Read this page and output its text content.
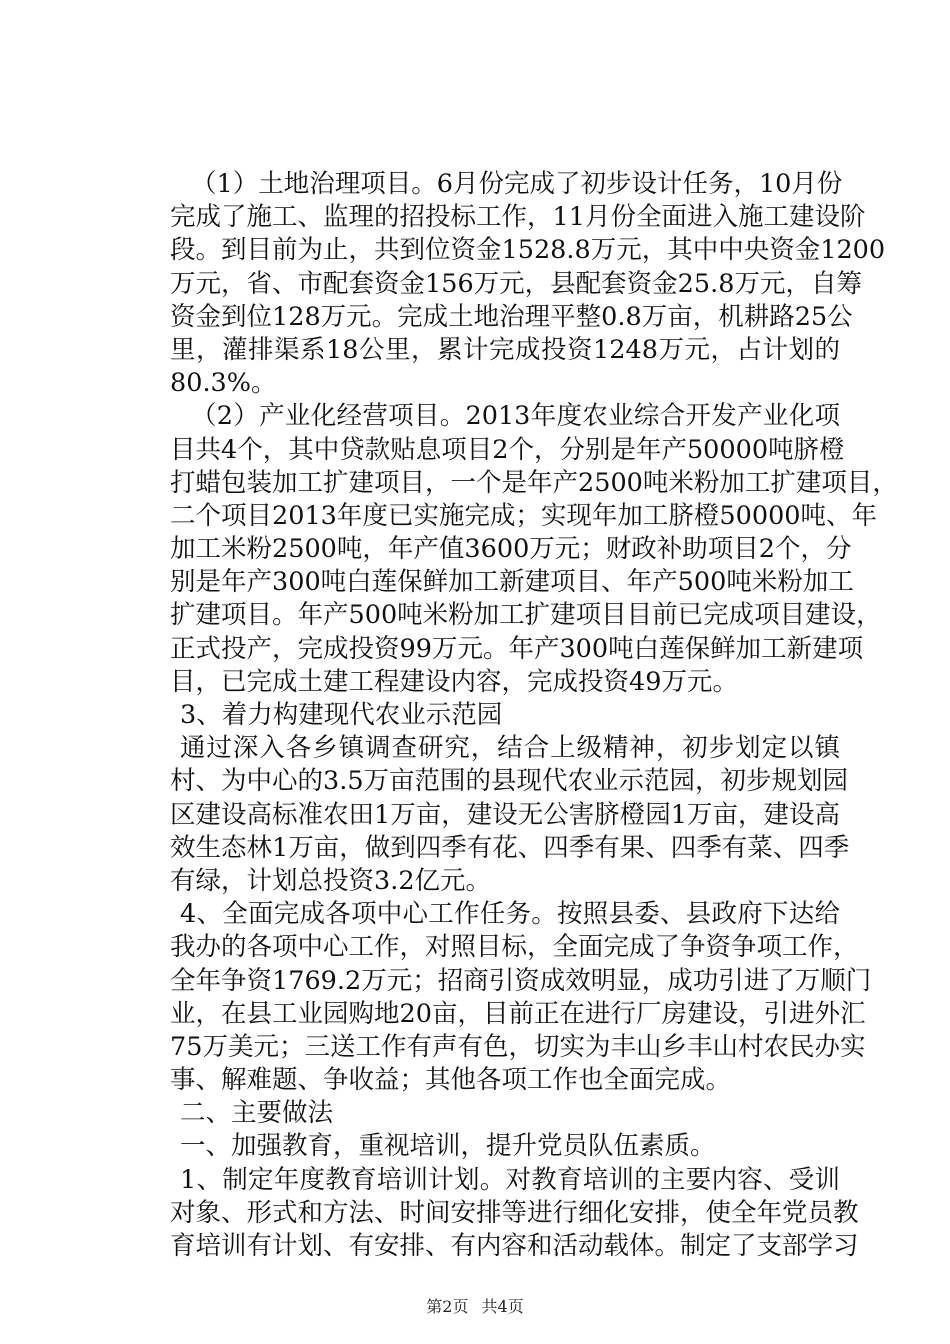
（1）土地治理项目。6月份完成了初步设计任务，10月份
完成了施工、监理的招投标工作，11月份全面进入施工建设阶
段。到目前为止，共到位资金1528.8万元，其中中央资金1200
万元，省、市配套资金156万元，县配套资金25.8万元，自筹
资金到位128万元。完成土地治理平整0.8万亩，机耕路25公
里，灌排渠系18公里，累计完成投资1248万元，占计划的
80.3%。
（2）产业化经营项目。2013年度农业综合开发产业化项
目共4个，其中贷款贴息项目2个，分别是年产50000吨脐橙
打蜡包装加工扩建项目，一个是年产2500吨米粉加工扩建项目，
二个项目2013年度已实施完成；实现年加工脐橙50000吨、年
加工米粉2500吨，年产值3600万元；财政补助项目2个，分
别是年产300吨白莲保鲜加工新建项目、年产500吨米粉加工
扩建项目。年产500吨米粉加工扩建项目目前已完成项目建设，
正式投产，完成投资99万元。年产300吨白莲保鲜加工新建项
目，已完成土建工程建设内容，完成投资49万元。
3、着力构建现代农业示范园
通过深入各乡镇调查研究，结合上级精神，初步划定以镇
村、为中心的3.5万亩范围的县现代农业示范园，初步规划园
区建设高标准农田1万亩，建设无公害脐橙园1万亩，建设高
效生态林1万亩，做到四季有花、四季有果、四季有菜、四季
有绿，计划总投资3.2亿元。
4、全面完成各项中心工作任务。按照县委、县政府下达给
我办的各项中心工作，对照目标，全面完成了争资争项工作，
全年争资1769.2万元；招商引资成效明显，成功引进了万顺门
业，在县工业园购地20亩，目前正在进行厂房建设，引进外汇
75万美元；三送工作有声有色，切实为丰山乡丰山村农民办实
事、解难题、争收益；其他各项工作也全面完成。
二、主要做法
一、加强教育，重视培训，提升党员队伍素质。
1、制定年度教育培训计划。对教育培训的主要内容、受训
对象、形式和方法、时间安排等进行细化安排，使全年党员教
育培训有计划、有安排、有内容和活动载体。制定了支部学习
第2页 共4页
